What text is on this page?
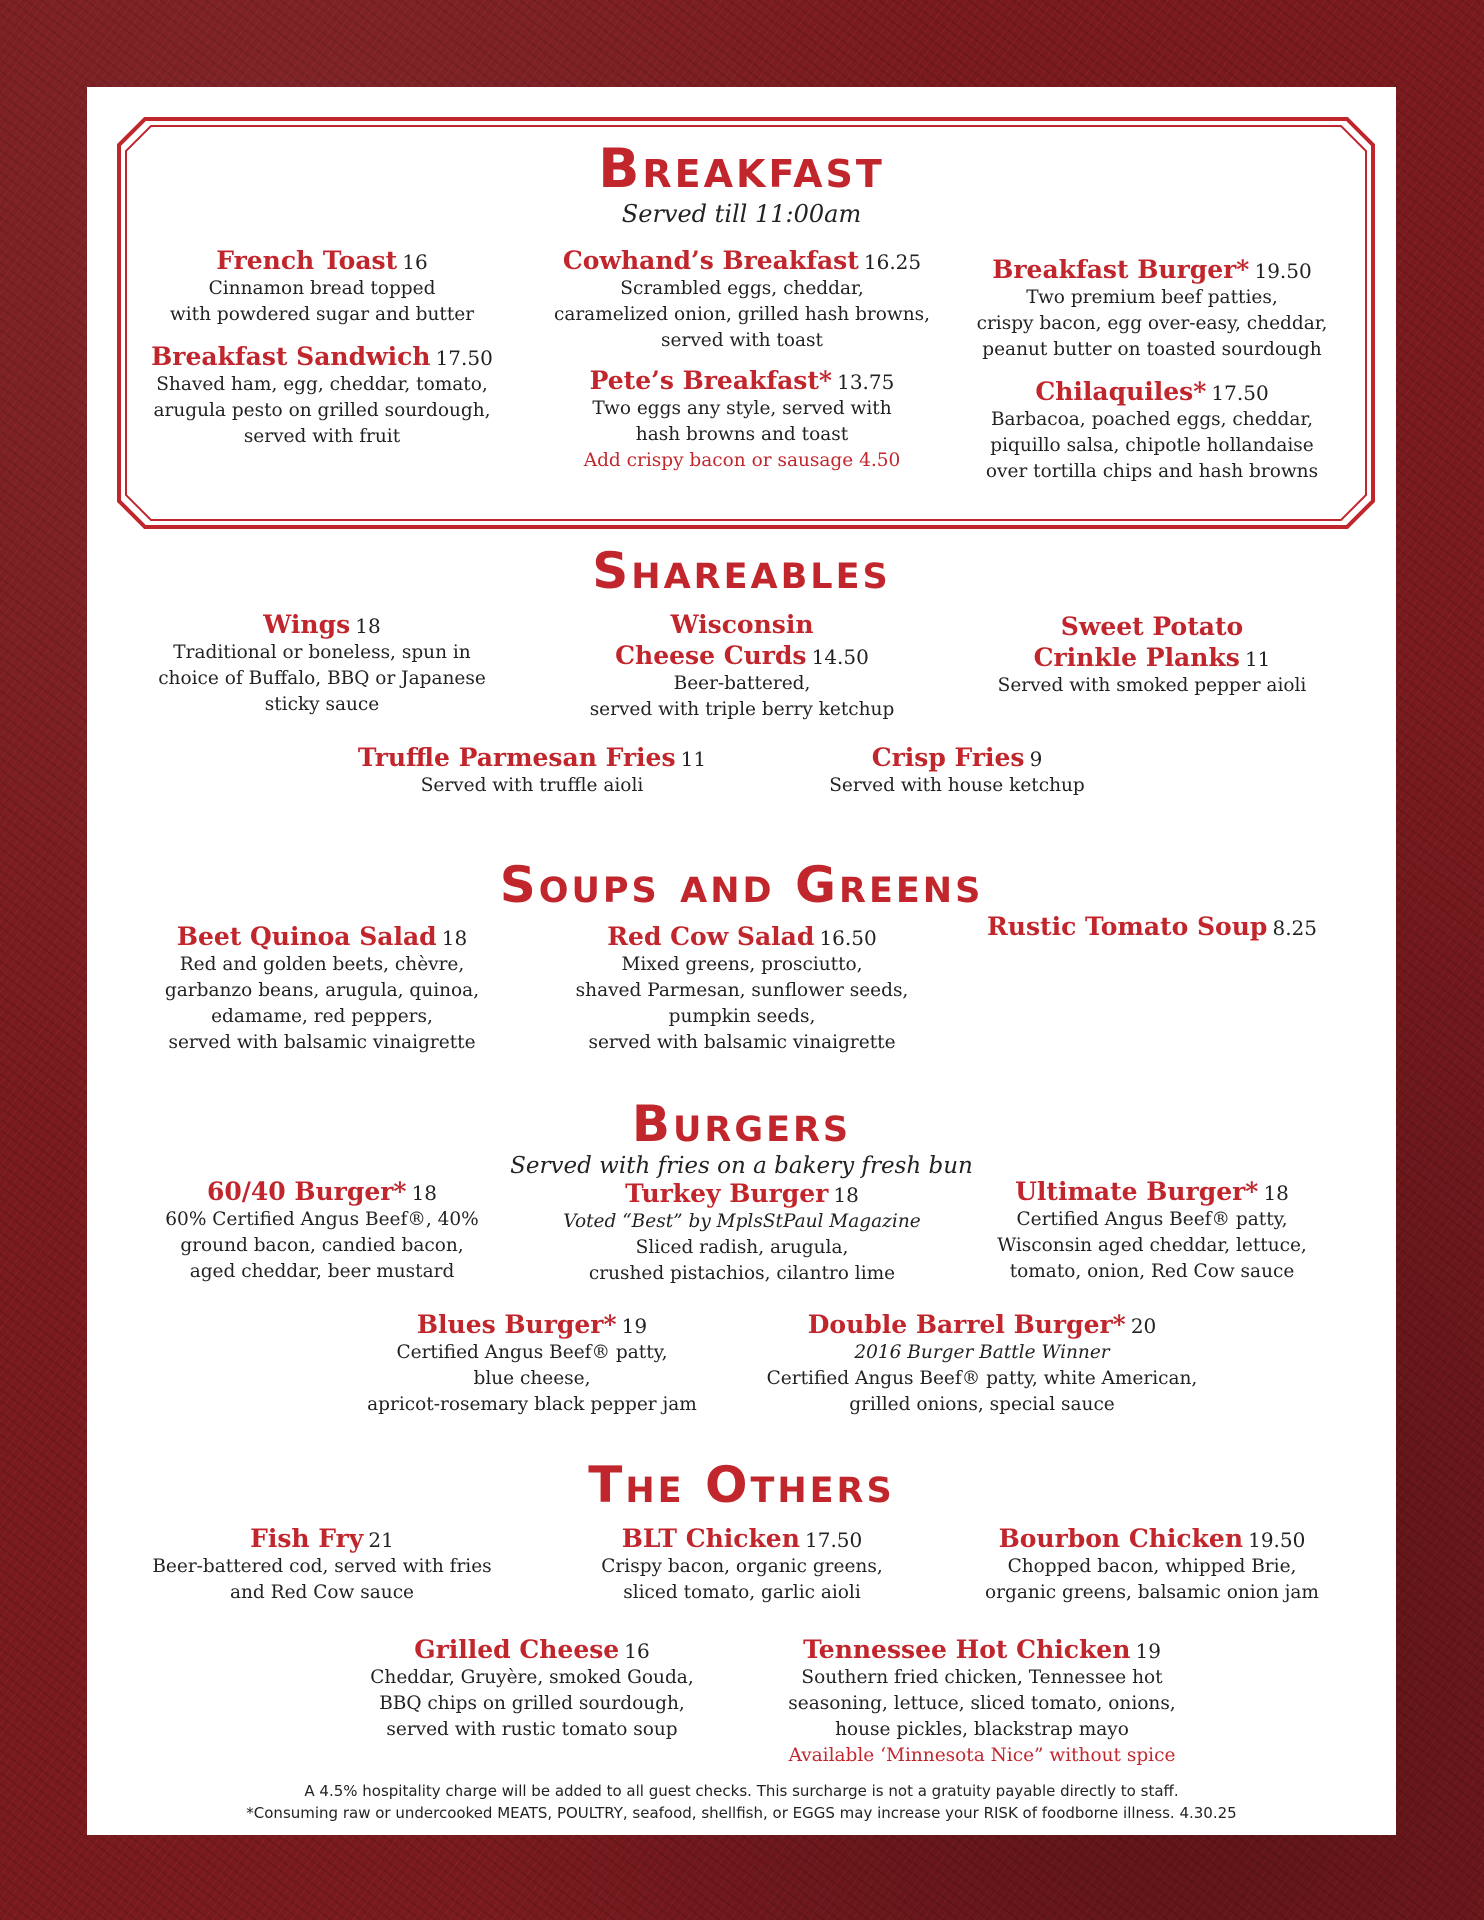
Breakfast

Served till 11:00am

French Toast 16
Cinnamon bread topped
with powdered sugar and butter
Breakfast Sandwich 17.50
Shaved ham, egg, cheddar, tomato,
arugula pesto on grilled sourdough,
served with fruit
Cowhand’s Breakfast 16.25
Scrambled eggs, cheddar,
caramelized onion, grilled hash browns,
served with toast
Pete’s Breakfast* 13.75
Two eggs any style, served with
hash browns and toast
Add crispy bacon or sausage 4.50
Breakfast Burger* 19.50
Two premium beef patties,
crispy bacon, egg over-easy, cheddar,
peanut butter on toasted sourdough
Chilaquiles* 17.50
Barbacoa, poached eggs, cheddar,
piquillo salsa, chipotle hollandaise
over tortilla chips and hash browns
Shareables
Wings 18
Traditional or boneless, spun in
choice of Buffalo, BBQ or Japanese
sticky sauce
Wisconsin
Cheese Curds 14.50
Beer-battered,
served with triple berry ketchup
Sweet Potato
Crinkle Planks 11
Served with smoked pepper aioli
Truffle Parmesan Fries 11
Served with truffle aioli
Crisp Fries 9
Served with house ketchup
Soups and Greens
Beet Quinoa Salad 18
Red and golden beets, chèvre,
garbanzo beans, arugula, quinoa,
edamame, red peppers,
served with balsamic vinaigrette
Red Cow Salad 16.50
Mixed greens, prosciutto,
shaved Parmesan, sunflower seeds,
pumpkin seeds,
served with balsamic vinaigrette
Rustic Tomato Soup 8.25
Burgers

Served with fries on a bakery fresh bun

60/40 Burger* 18
60% Certified Angus Beef®, 40%
ground bacon, candied bacon,
aged cheddar, beer mustard
Turkey Burger 18
Voted “Best” by MplsStPaul Magazine
Sliced radish, arugula,
crushed pistachios, cilantro lime
Ultimate Burger* 18
Certified Angus Beef® patty,
Wisconsin aged cheddar, lettuce,
tomato, onion, Red Cow sauce
Blues Burger* 19
Certified Angus Beef® patty,
blue cheese,
apricot-rosemary black pepper jam
Double Barrel Burger* 20
2016 Burger Battle Winner
Certified Angus Beef® patty, white American,
grilled onions, special sauce
The Others
Fish Fry 21
Beer-battered cod, served with fries
and Red Cow sauce
BLT Chicken 17.50
Crispy bacon, organic greens,
sliced tomato, garlic aioli
Bourbon Chicken 19.50
Chopped bacon, whipped Brie,
organic greens, balsamic onion jam
Grilled Cheese 16
Cheddar, Gruyère, smoked Gouda,
BBQ chips on grilled sourdough,
served with rustic tomato soup
Tennessee Hot Chicken 19
Southern fried chicken, Tennessee hot
seasoning, lettuce, sliced tomato, onions,
house pickles, blackstrap mayo
Available ‘Minnesota Nice” without spice
A 4.5% hospitality charge will be added to all guest checks. This surcharge is not a gratuity payable directly to staff.
*Consuming raw or undercooked MEATS, POULTRY, seafood, shellfish, or EGGS may increase your RISK of foodborne illness. 4.30.25
